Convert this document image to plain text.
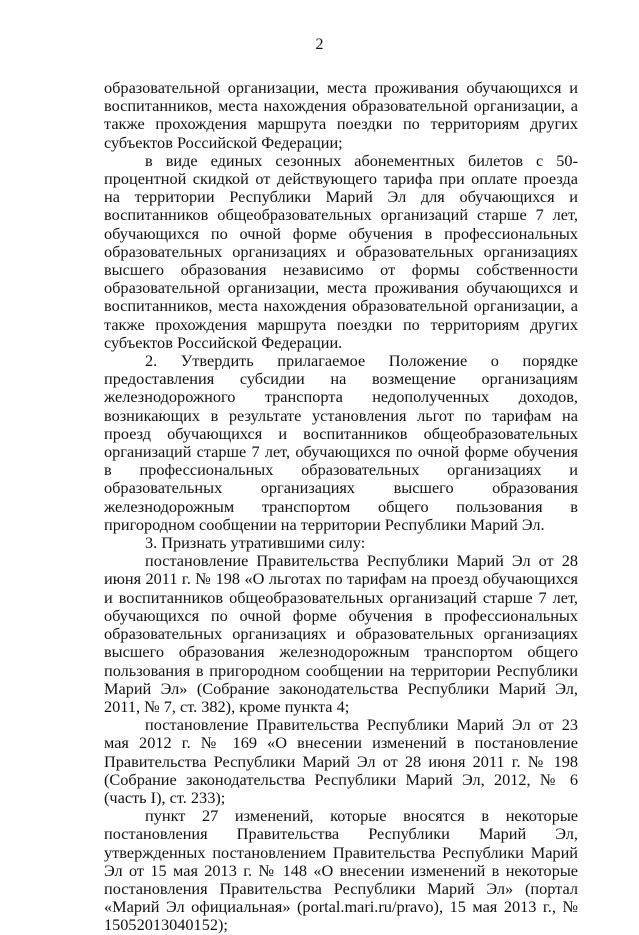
2

образовательной организации, места проживания обучающихся и воспитанников, места нахождения образовательной организации, а также прохождения маршрута поездки по территориям других субъектов Российской Федерации;

в виде единых сезонных абонементных билетов с 50-процентной скидкой от действующего тарифа при оплате проезда на территории Республики Марий Эл для обучающихся и воспитанников общеобразовательных организаций старше 7 лет, обучающихся по очной форме обучения в профессиональных образовательных организациях и образовательных организациях высшего образования независимо от формы собственности образовательной организации, места проживания обучающихся и воспитанников, места нахождения образовательной организации, а также прохождения маршрута поездки по территориям других субъектов Российской Федерации.

2. Утвердить прилагаемое Положение о порядке предоставления субсидии на возмещение организациям железнодорожного транспорта недополученных доходов, возникающих в результате установления льгот по тарифам на проезд обучающихся и воспитанников общеобразовательных организаций старше 7 лет, обучающихся по очной форме обучения в профессиональных образовательных организациях и образовательных организациях высшего образования железнодорожным транспортом общего пользования в пригородном сообщении на территории Республики Марий Эл.

3. Признать утратившими силу:

постановление Правительства Республики Марий Эл от 28 июня 2011 г. № 198 «О льготах по тарифам на проезд обучающихся и воспитанников общеобразовательных организаций старше 7 лет, обучающихся по очной форме обучения в профессиональных образовательных организациях и образовательных организациях высшего образования железнодорожным транспортом общего пользования в пригородном сообщении на территории Республики Марий Эл» (Собрание законодательства Республики Марий Эл, 2011, № 7, ст. 382), кроме пункта 4;

постановление Правительства Республики Марий Эл от 23 мая 2012 г. № 169 «О внесении изменений в постановление Правительства Республики Марий Эл от 28 июня 2011 г. № 198 (Собрание законодательства Республики Марий Эл, 2012, № 6 (часть I), ст. 233);

пункт 27 изменений, которые вносятся в некоторые постановления Правительства Республики Марий Эл, утвержденных постановлением Правительства Республики Марий Эл от 15 мая 2013 г. № 148 «О внесении изменений в некоторые постановления Правительства Республики Марий Эл» (портал «Марий Эл официальная» (portal.mari.ru/pravo), 15 мая 2013 г., № 15052013040152);
